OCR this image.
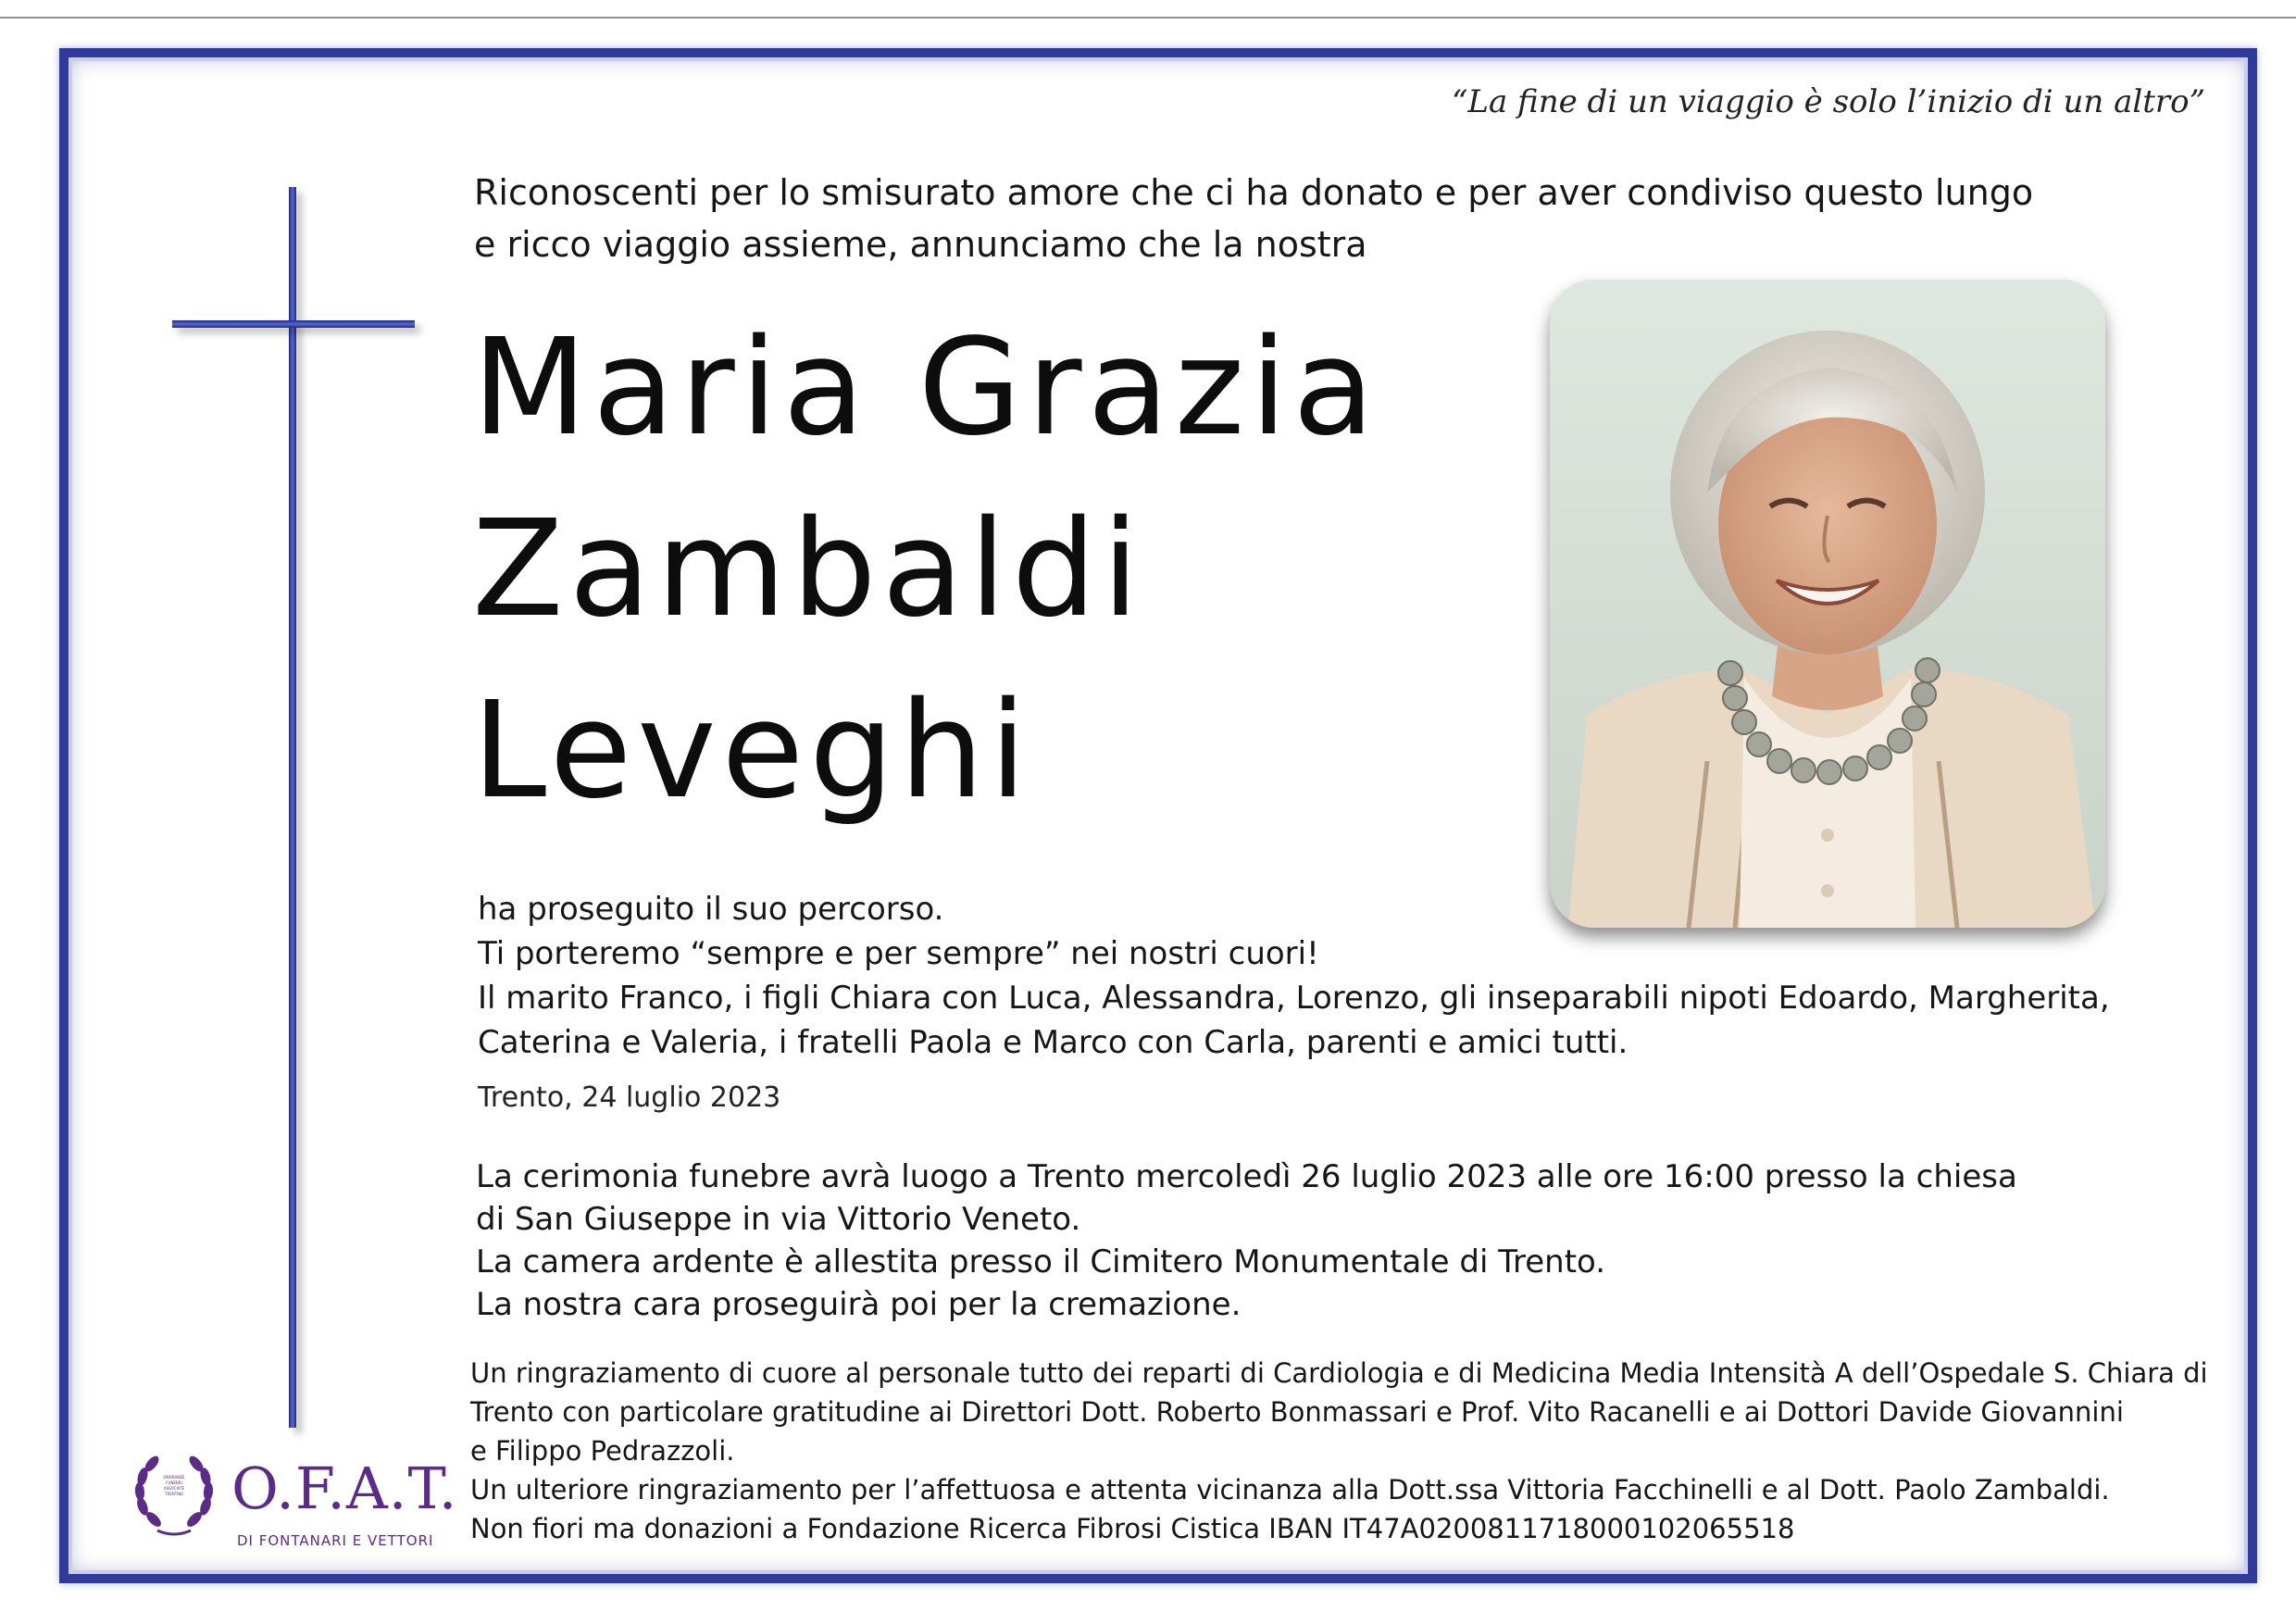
“La fine di un viaggio è solo l’inizio di un altro”

Riconoscenti per lo smisurato amore che ci ha donato e per aver condiviso questo lungo

e ricco viaggio assieme, annunciamo che la nostra

Maria Grazia
Zambaldi
Leveghi

ha proseguito il suo percorso.

Ti porteremo “sempre e per sempre” nei nostri cuori!

Il marito Franco, i figli Chiara con Luca, Alessandra, Lorenzo, gli inseparabili nipoti Edoardo, Margherita,

Caterina e Valeria, i fratelli Paola e Marco con Carla, parenti e amici tutti.

Trento, 24 luglio 2023

La cerimonia funebre avrà luogo a Trento mercoledì 26 luglio 2023 alle ore 16:00 presso la chiesa

di San Giuseppe in via Vittorio Veneto.

La camera ardente è allestita presso il Cimitero Monumentale di Trento.

La nostra cara proseguirà poi per la cremazione.

Un ringraziamento di cuore al personale tutto dei reparti di Cardiologia e di Medicina Media Intensità A dell’Ospedale S. Chiara di

Trento con particolare gratitudine ai Direttori Dott. Roberto Bonmassari e Prof. Vito Racanelli e ai Dottori Davide Giovannini

e Filippo Pedrazzoli.

Un ulteriore ringraziamento per l’affettuosa e attenta vicinanza alla Dott.ssa Vittoria Facchinelli e al Dott. Paolo Zambaldi.

Non fiori ma donazioni a Fondazione Ricerca Fibrosi Cistica IBAN IT47A0200811718000102065518

ONORANZE
FUNEBRI
ASSOCIATE
TRENTINE O.F.A.T.
DI FONTANARI E VETTORI
